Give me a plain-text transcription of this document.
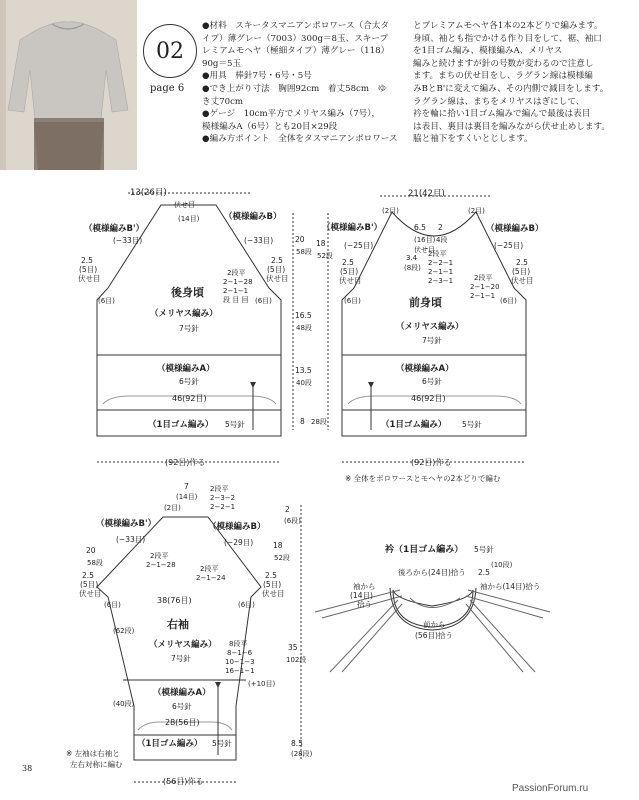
02
page 6
●材料　スキータスマニアンポロワース（合太タ
イプ）薄グレー（7003）300g＝8玉、スキープ
レミアムモヘヤ（極細タイプ）薄グレー（118）
90g＝5玉
●用具　棒針7号・6号・5号
●でき上がり寸法　胸囲92cm　着丈58cm　ゆ
き丈70cm
●ゲージ　10cm平方でメリヤス編み（7号），
模様編みA（6号）とも20目×29段
●編み方ポイント　全体をタスマニアンポロワース
とプレミアムモヘヤ各1本の2本どりで編みます。
身頃、袖とも指でかける作り目をして、裾、袖口
を1目ゴム編み、模様編みA、メリヤス
編みと続けますが針の号数が変わるので注意し
ます。まちの伏せ目をし、ラグラン線は模様編
みBとB'に変えて編み、その内側で減目をします。
ラグラン線は、まちをメリヤスはぎにして、
衿を輪に拾い1目ゴム編みで編んで最後は表目
は表目、裏目は裏目を編みながら伏せ止めします。
脇と袖下をすくいとじします。
13(26目)
伏せ目
(14目)
（模様編みB'）
（模様編みB）
(−33目)	(−33目)
2.5
(5目)
伏せ目
2.5
(5目)
伏せ目
(6目)	(6目)
2段平
2−1−28
2−1−1
段 目 回
後身頃
（メリヤス編み）
7号針
（模様編みA）
6号針
46(92目)
（1目ゴム編み） 5号針
(92目)作る
20
58段
16.5
48段
13.5
40段
8 28段
21(42目)
(2目)	(2目)
（模様編みB'）	（模様編みB）
(−25目)	(−25目)
6.5
(16目)
伏せ目
2
4段
2段平
2−2−1
2−1−1
2−3−1
18
52段	3.4
(8段)
2段平
2−1−20
2−1−1
2.5
(5目)
伏せ目
2.5
(5目)
伏せ目
(6目)	(6目)
前身頃
（メリヤス編み）
7号針
（模様編みA）
6号針
46(92目)
（1目ゴム編み） 5号針
(92目)作る
※ 全体をポロワースとモヘヤの2本どりで編む
7
(14目)
(2目)
2段平
2−3−2
2−2−1	2
(6段)
（模様編みB'）	（模様編みB）
(−33目)	(−29目)
20
58段
2段平
2−1−28	2段平
2−1−24
18
52段
2.5
(5目)
伏せ目
2.5
(5目)
伏せ目
(6目)	(6目)
38(76目)
右袖
（メリヤス編み）
7号針
8段平
8−1−6
10−1−3
16−1−1
(+10目)
35
102段
(62段)
(40段)
（模様編みA）
6号針
28(56目)
（1目ゴム編み） 5号針	8.5
(28段)
(56目)作る
※ 左袖は右袖と
左右対称に編む
衿（1目ゴム編み） 5号針
後ろから(24目)拾う 2.5
(10段)
袖から
(14目)
拾う
袖から(14目)拾う
前から
(56目)拾う
38
PassionForum.ru
